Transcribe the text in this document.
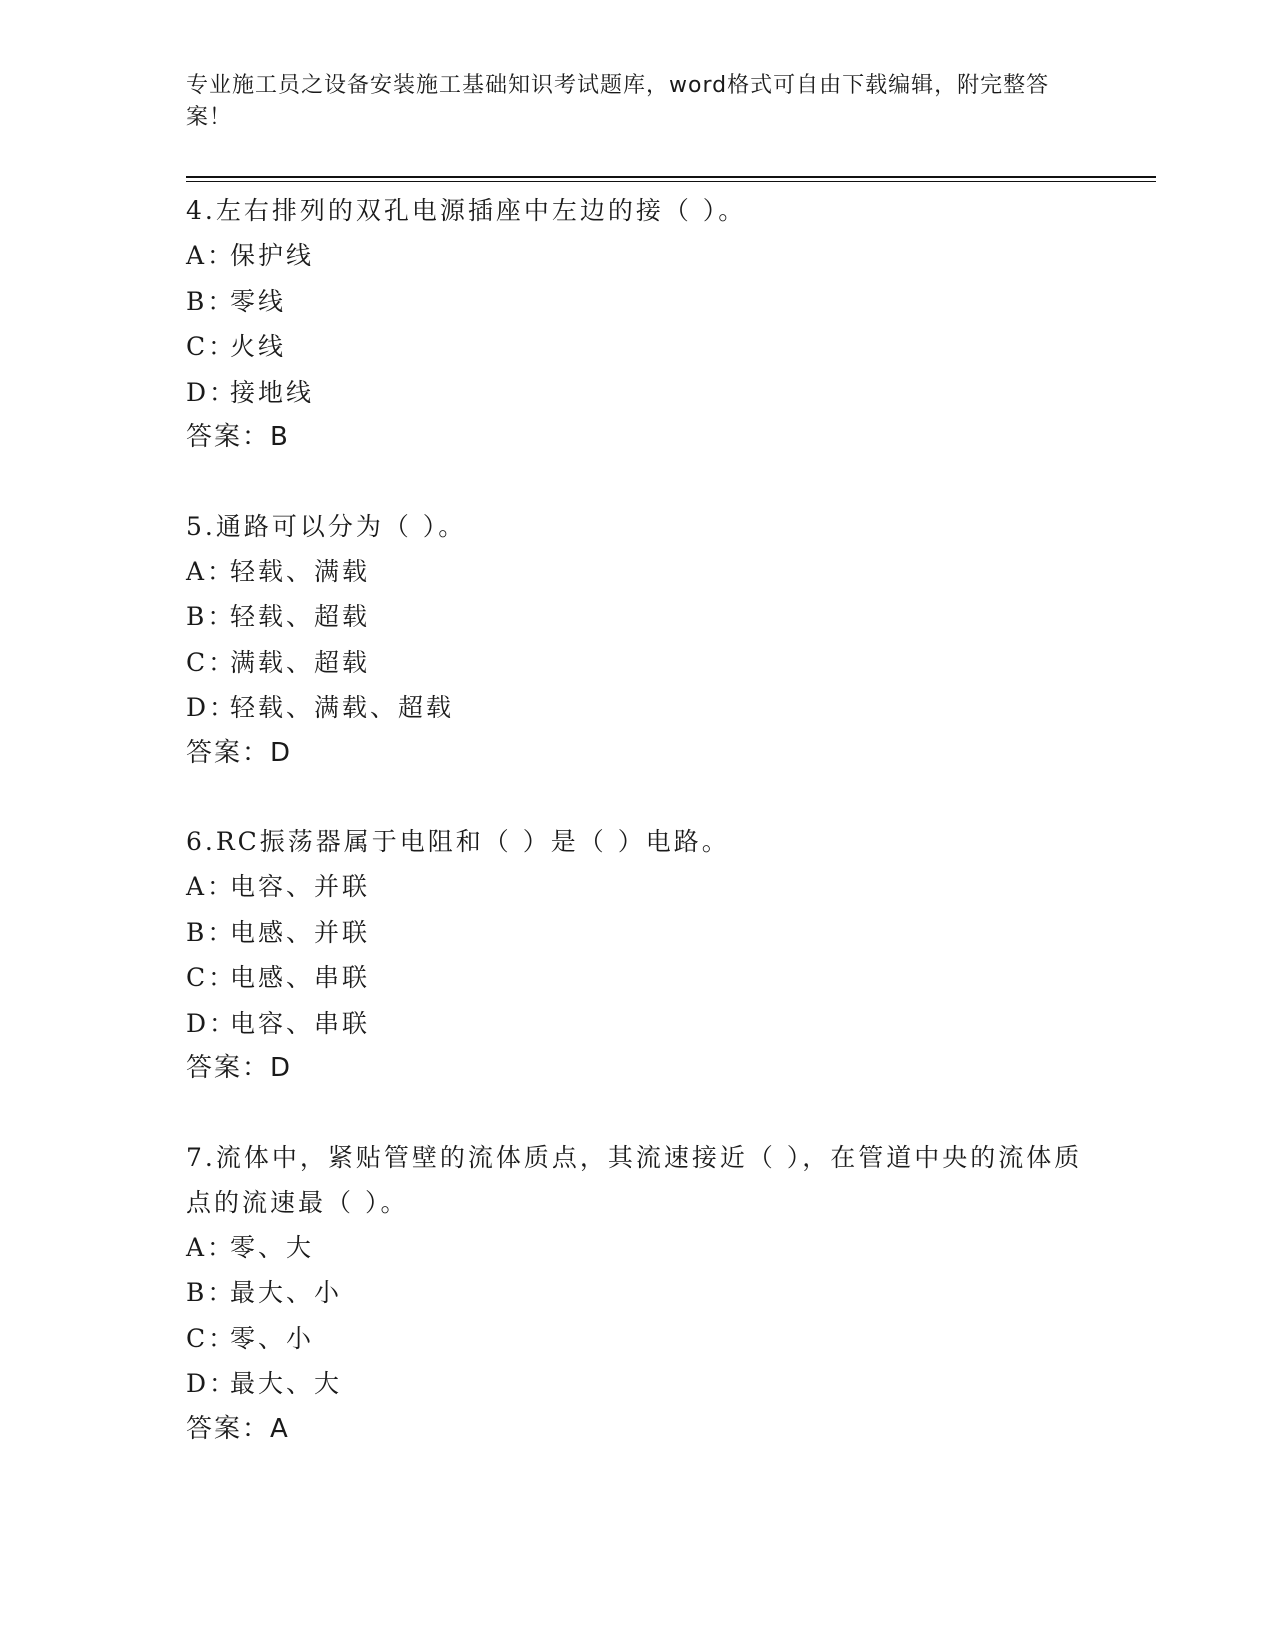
专业施工员之设备安装施工基础知识考试题库，word格式可自由下载编辑，附完整答案！

4.左右排列的双孔电源插座中左边的接（ ）。

A：保护线
B：零线
C：火线
D：接地线
答案：B

5.通路可以分为（ ）。

A：轻载、满载
B：轻载、超载
C：满载、超载
D：轻载、满载、超载
答案：D

6.RC振荡器属于电阻和（ ）是（ ）电路。

A：电容、并联
B：电感、并联
C：电感、串联
D：电容、串联
答案：D

7.流体中，紧贴管壁的流体质点，其流速接近（ ），在管道中央的流体质点的流速最（ ）。

A：零、大
B：最大、小
C：零、小
D：最大、大
答案：A
